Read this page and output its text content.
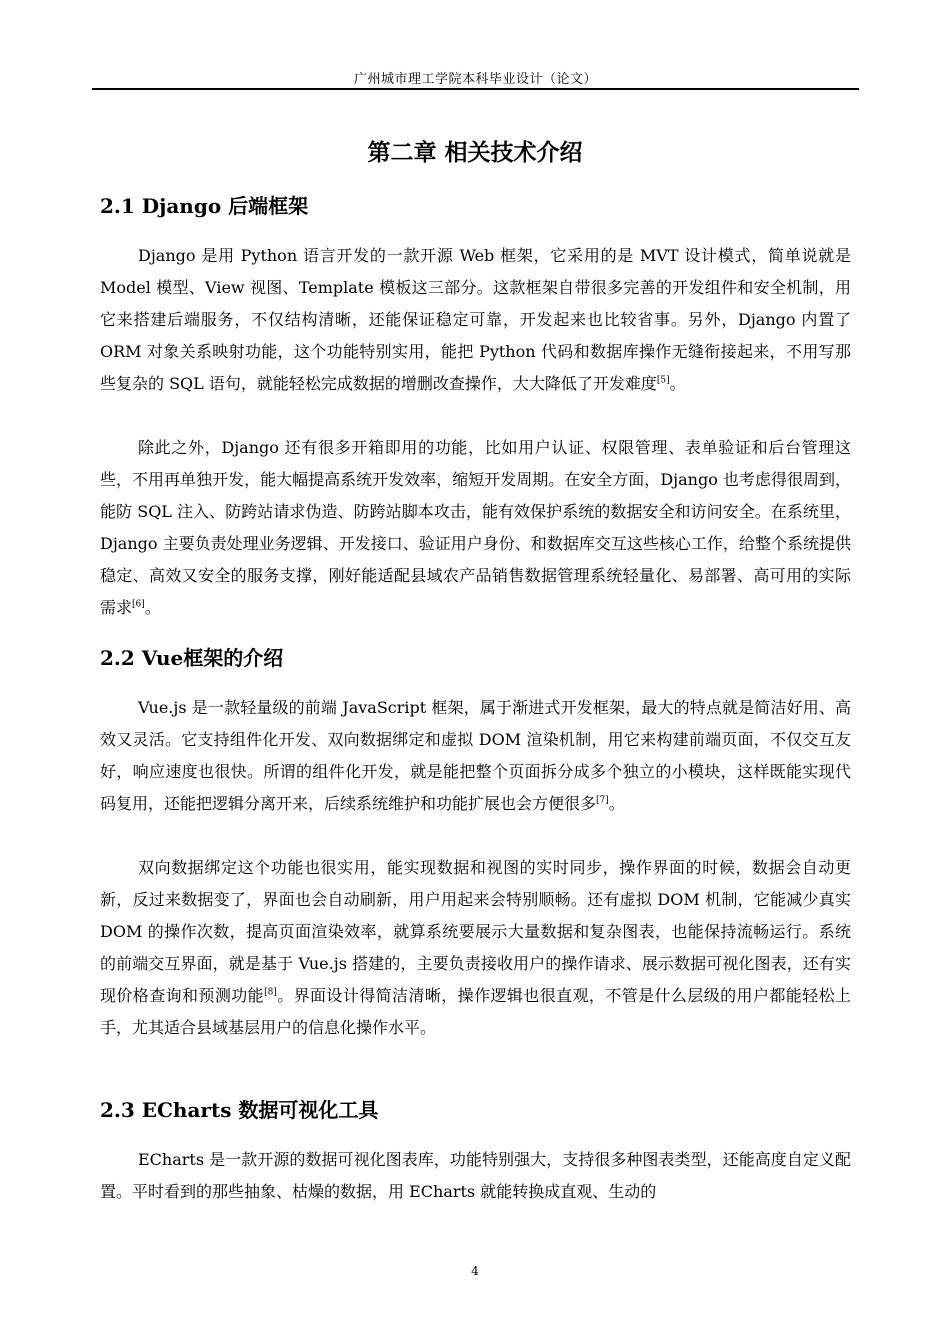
广州城市理工学院本科毕业设计（论文）
第二章 相关技术介绍
2.1 Django 后端框架

Django 是用 Python 语言开发的一款开源 Web 框架，它采用的是 MVT 设计模式，简单说就是 Model 模型、View 视图、Template 模板这三部分。这款框架自带很多完善的开发组件和安全机制，用它来搭建后端服务，不仅结构清晰，还能保证稳定可靠，开发起来也比较省事。另外，Django 内置了 ORM 对象关系映射功能，这个功能特别实用，能把 Python 代码和数据库操作无缝衔接起来，不用写那些复杂的 SQL 语句，就能轻松完成数据的增删改查操作，大大降低了开发难度[5]。

除此之外，Django 还有很多开箱即用的功能，比如用户认证、权限管理、表单验证和后台管理这些，不用再单独开发，能大幅提高系统开发效率，缩短开发周期。在安全方面，Django 也考虑得很周到，能防 SQL 注入、防跨站请求伪造、防跨站脚本攻击，能有效保护系统的数据安全和访问安全。在系统里，Django 主要负责处理业务逻辑、开发接口、验证用户身份、和数据库交互这些核心工作，给整个系统提供稳定、高效又安全的服务支撑，刚好能适配县域农产品销售数据管理系统轻量化、易部署、高可用的实际需求[6]。

2.2 Vue框架的介绍

Vue.js 是一款轻量级的前端 JavaScript 框架，属于渐进式开发框架，最大的特点就是简洁好用、高效又灵活。它支持组件化开发、双向数据绑定和虚拟 DOM 渲染机制，用它来构建前端页面，不仅交互友好，响应速度也很快。所谓的组件化开发，就是能把整个页面拆分成多个独立的小模块，这样既能实现代码复用，还能把逻辑分离开来，后续系统维护和功能扩展也会方便很多[7]。

双向数据绑定这个功能也很实用，能实现数据和视图的实时同步，操作界面的时候，数据会自动更新，反过来数据变了，界面也会自动刷新，用户用起来会特别顺畅。还有虚拟 DOM 机制，它能减少真实 DOM 的操作次数，提高页面渲染效率，就算系统要展示大量数据和复杂图表，也能保持流畅运行。系统的前端交互界面，就是基于 Vue.js 搭建的，主要负责接收用户的操作请求、展示数据可视化图表，还有实现价格查询和预测功能[8]。界面设计得简洁清晰，操作逻辑也很直观，不管是什么层级的用户都能轻松上手，尤其适合县域基层用户的信息化操作水平。

2.3 ECharts 数据可视化工具

ECharts 是一款开源的数据可视化图表库，功能特别强大，支持很多种图表类型，还能高度自定义配置。平时看到的那些抽象、枯燥的数据，用 ECharts 就能转换成直观、生动的

4
